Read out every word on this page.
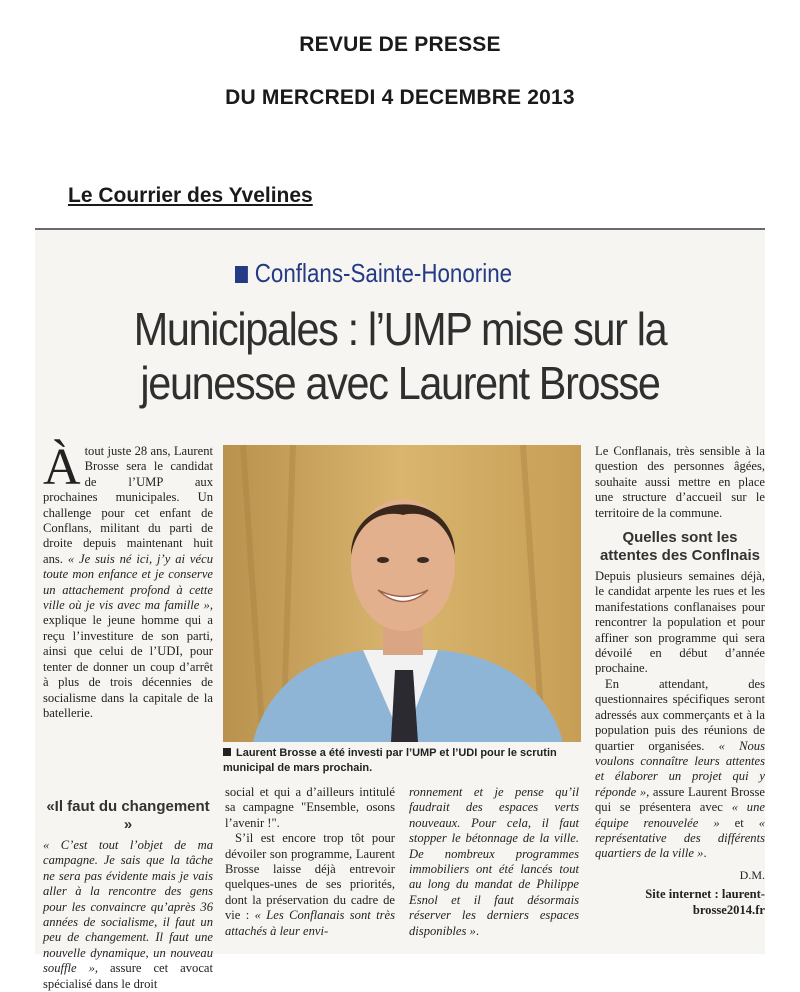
REVUE DE PRESSE
DU MERCREDI 4 DECEMBRE 2013
Le Courrier des Yvelines
Conflans-Sainte-Honorine
Municipales : l’UMP mise sur la jeunesse avec Laurent Brosse

Àtout juste 28 ans, Laurent Brosse sera le candidat de l’UMP aux prochaines municipales. Un challenge pour cet enfant de Conflans, militant du parti de droite depuis maintenant huit ans. « Je suis né ici, j’y ai vécu toute mon enfance et je conserve un attachement profond à cette ville où je vis avec ma famille », explique le jeune homme qui a reçu l’investiture de son parti, ainsi que celui de l’UDI, pour tenter de donner un coup d’arrêt à plus de trois décennies de socialisme dans la capitale de la batellerie.

«Il faut du changement »

« C’est tout l’objet de ma campagne. Je sais que la tâche ne sera pas évidente mais je vais aller à la rencontre des gens pour les convaincre qu’après 36 années de socialisme, il faut un peu de changement. Il faut une nouvelle dynamique, un nouveau souffle », assure cet avocat spécialisé dans le droit

Laurent Brosse a été investi par l’UMP et l’UDI pour le scrutin municipal de mars prochain.

social et qui a d’ailleurs intitulé sa campagne "Ensemble, osons l’avenir !".

S’il est encore trop tôt pour dévoiler son programme, Laurent Brosse laisse déjà entrevoir quelques-unes de ses priorités, dont la préservation du cadre de vie : « Les Conflanais sont très attachés à leur envi-

ronnement et je pense qu’il faudrait des espaces verts nouveaux. Pour cela, il faut stopper le bétonnage de la ville. De nombreux programmes immobiliers ont été lancés tout au long du mandat de Philippe Esnol et il faut désormais réserver les derniers espaces disponibles ».

Le Conflanais, très sensible à la question des personnes âgées, souhaite aussi mettre en place une structure d’accueil sur le territoire de la commune.

Quelles sont les attentes des Conflnais

Depuis plusieurs semaines déjà, le candidat arpente les rues et les manifestations conflanaises pour rencontrer la population et pour affiner son programme qui sera dévoilé en début d’année prochaine.

En attendant, des questionnaires spécifiques seront adressés aux commerçants et à la population puis des réunions de quartier organisées. « Nous voulons connaître leurs attentes et élaborer un projet qui y réponde », assure Laurent Brosse qui se présentera avec « une équipe renouvelée » et « représentative des différents quartiers de la ville ».

D.M.
Site internet : laurent-brosse2014.fr
